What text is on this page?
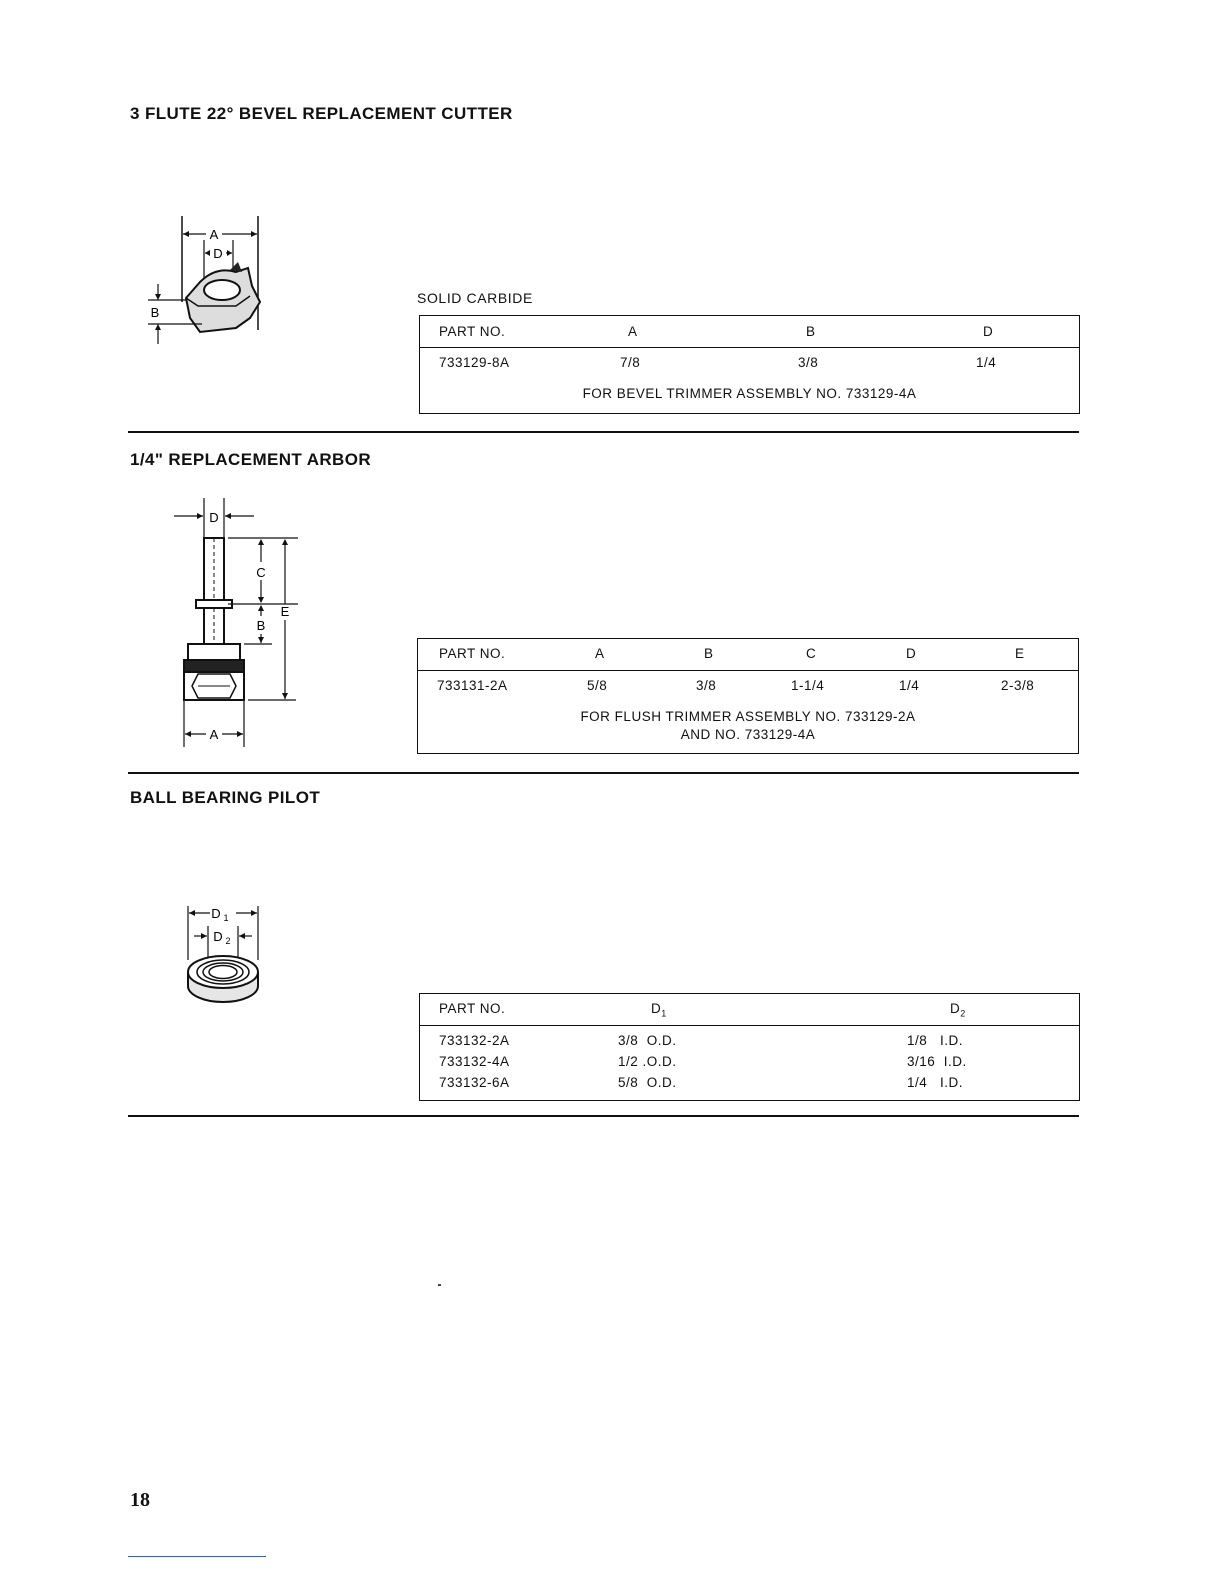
3 FLUTE 22° BEVEL REPLACEMENT CUTTER
A
D
B
SOLID CARBIDE
PART NO.	A	B	D
733129-8A	7/8	3/8	1/4
FOR BEVEL TRIMMER ASSEMBLY NO. 733129-4A
1/4" REPLACEMENT ARBOR
D
C
B
E
A
PART NO.	A	B	C	D	E
733131-2A	5/8	3/8	1-1/4	1/4	2-3/8
FOR FLUSH TRIMMER ASSEMBLY NO. 733129-2A
AND NO. 733129-4A
BALL BEARING PILOT
D 1
D 2
PART NO.	$D_1$	$D_2$
733132-2A	3/8  O.D.	1/8   I.D.
733132-4A	1/2 .O.D.	3/16  I.D.
733132-6A	5/8  O.D.	1/4   I.D.
18
